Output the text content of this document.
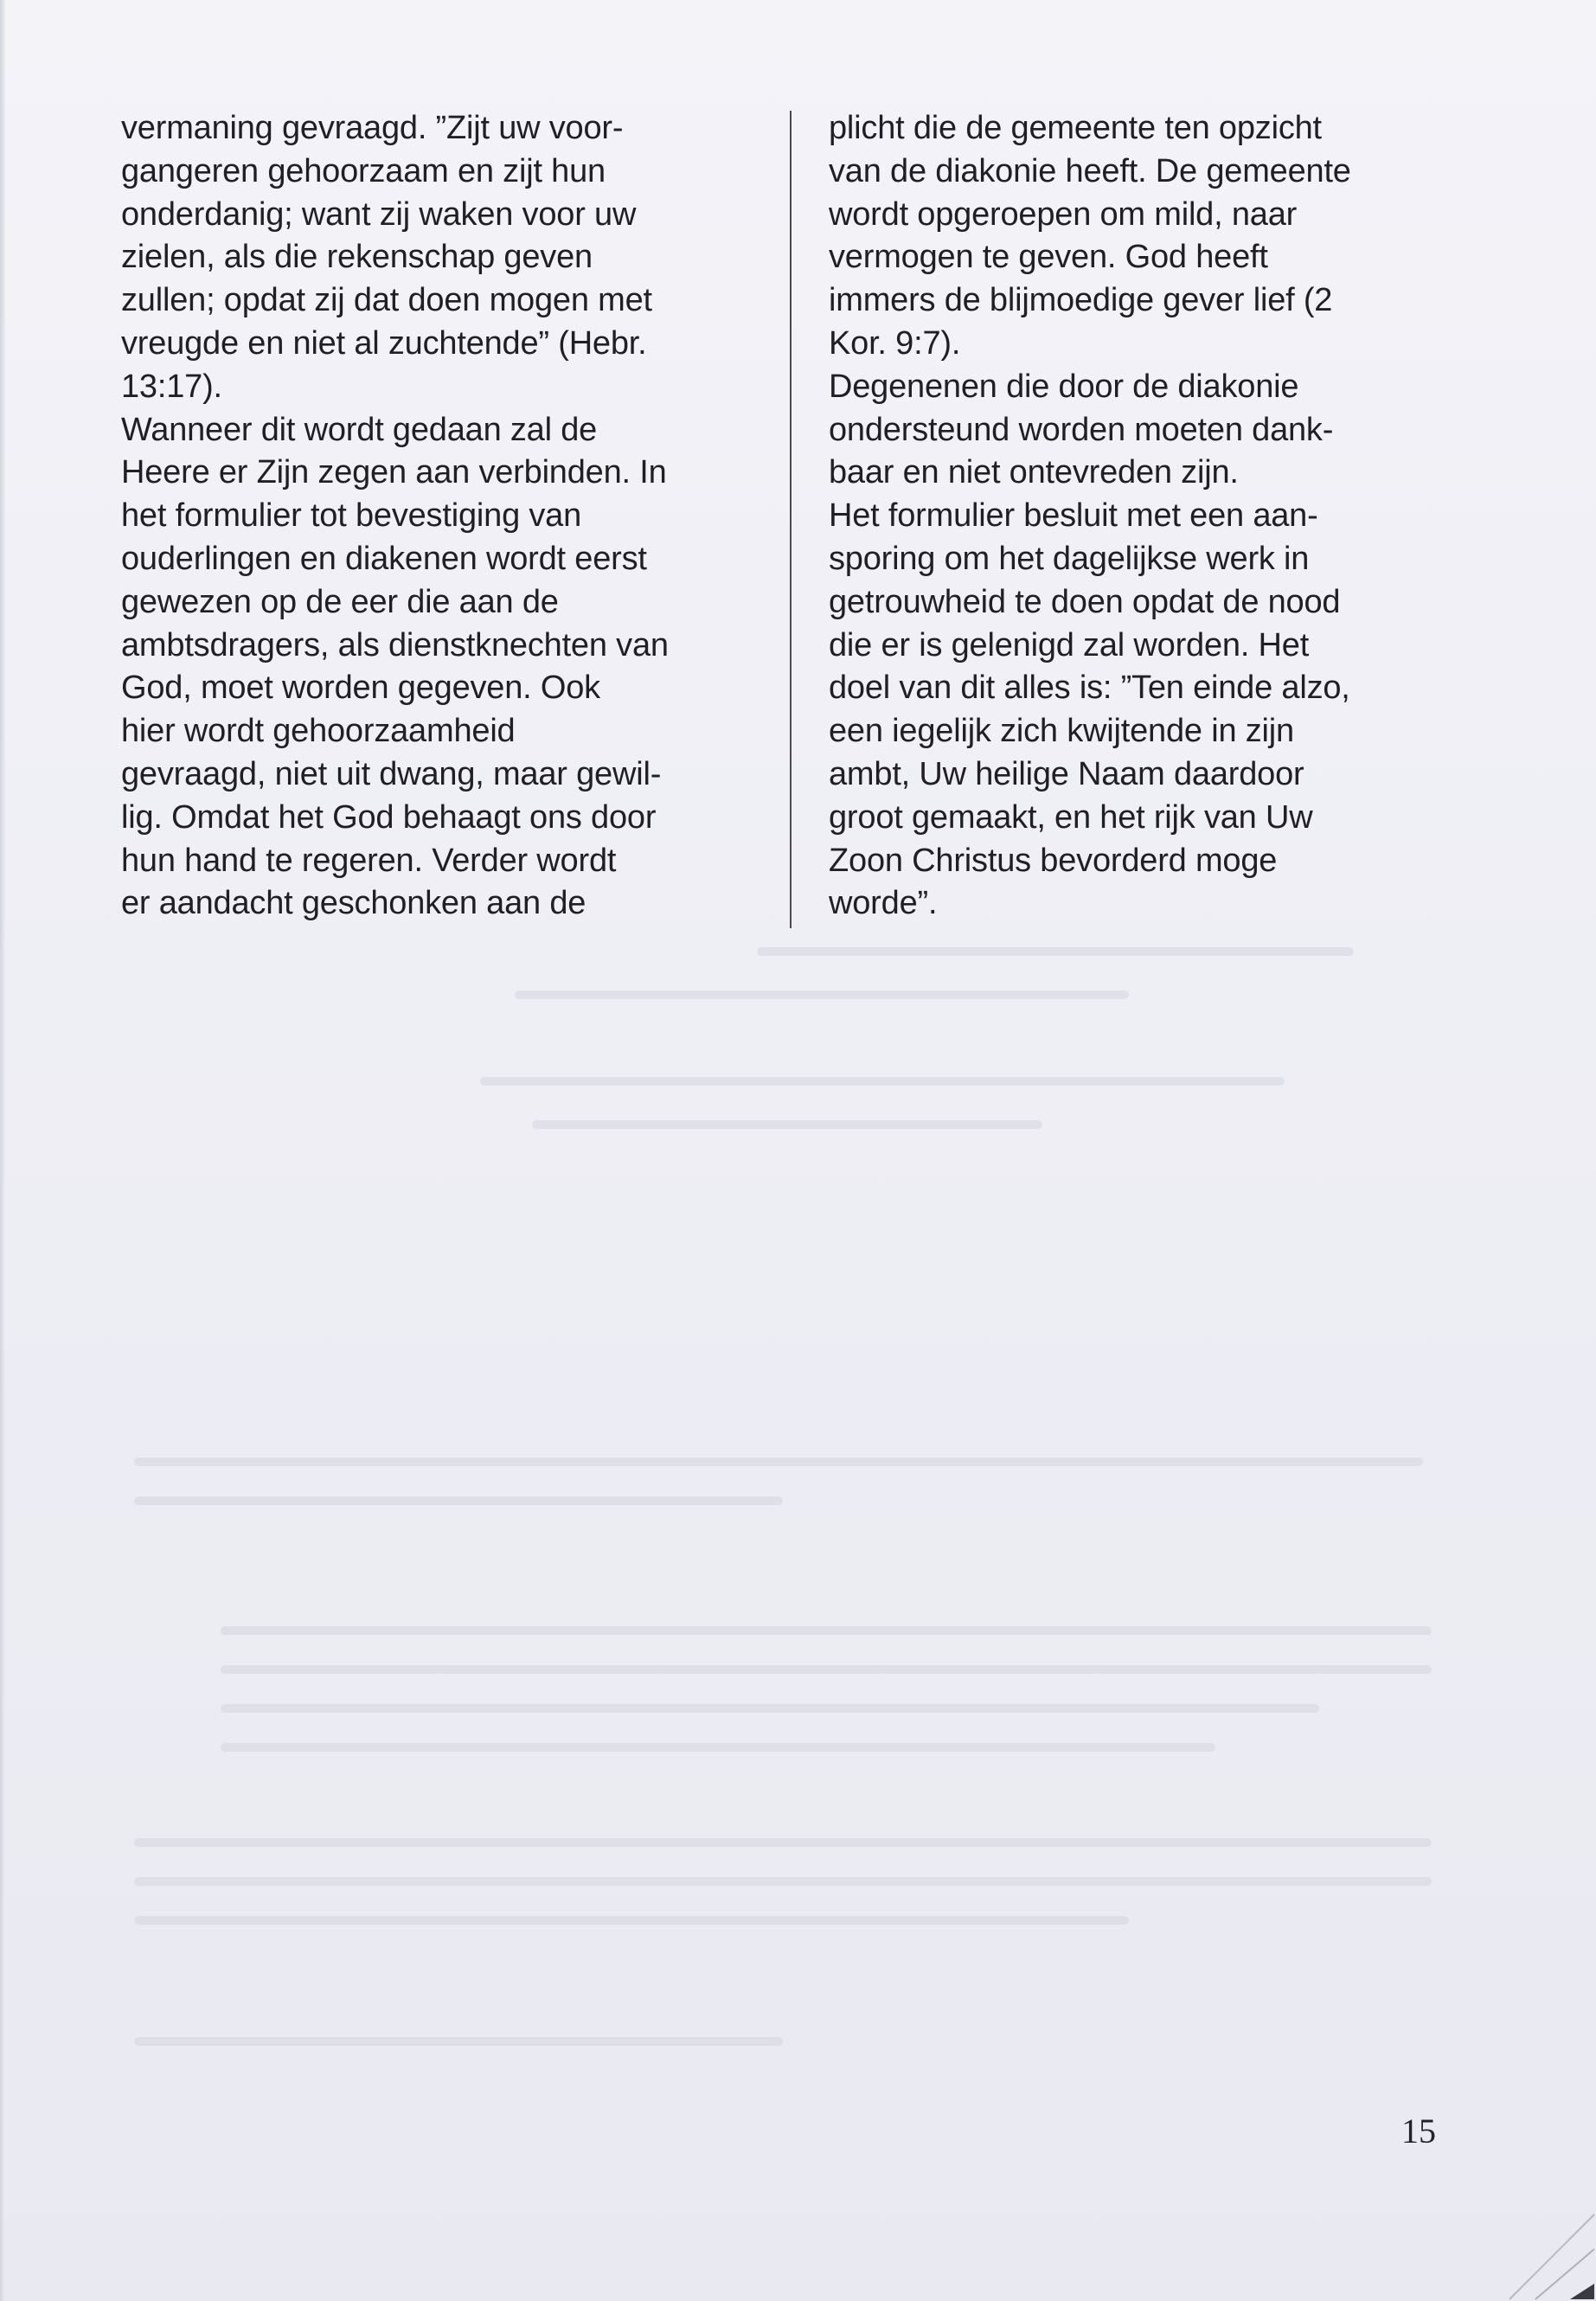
vermaning gevraagd. ”Zijt uw voor-
gangeren gehoorzaam en zijt hun
onderdanig; want zij waken voor uw
zielen, als die rekenschap geven
zullen; opdat zij dat doen mogen met
vreugde en niet al zuchtende” (Hebr.
13:17).

Wanneer dit wordt gedaan zal de
Heere er Zijn zegen aan verbinden. In
het formulier tot bevestiging van
ouderlingen en diakenen wordt eerst
gewezen op de eer die aan de
ambtsdragers, als dienstknechten van
God, moet worden gegeven. Ook
hier wordt gehoorzaamheid
gevraagd, niet uit dwang, maar gewil-
lig. Omdat het God behaagt ons door
hun hand te regeren. Verder wordt
er aandacht geschonken aan de

plicht die de gemeente ten opzicht
van de diakonie heeft. De gemeente
wordt opgeroepen om mild, naar
vermogen te geven. God heeft
immers de blijmoedige gever lief (2
Kor. 9:7).

Degenenen die door de diakonie
ondersteund worden moeten dank-
baar en niet ontevreden zijn.

Het formulier besluit met een aan-
sporing om het dagelijkse werk in
getrouwheid te doen opdat de nood
die er is gelenigd zal worden. Het
doel van dit alles is: ”Ten einde alzo,
een iegelijk zich kwijtende in zijn
ambt, Uw heilige Naam daardoor
groot gemaakt, en het rijk van Uw
Zoon Christus bevorderd moge
worde”.

15
